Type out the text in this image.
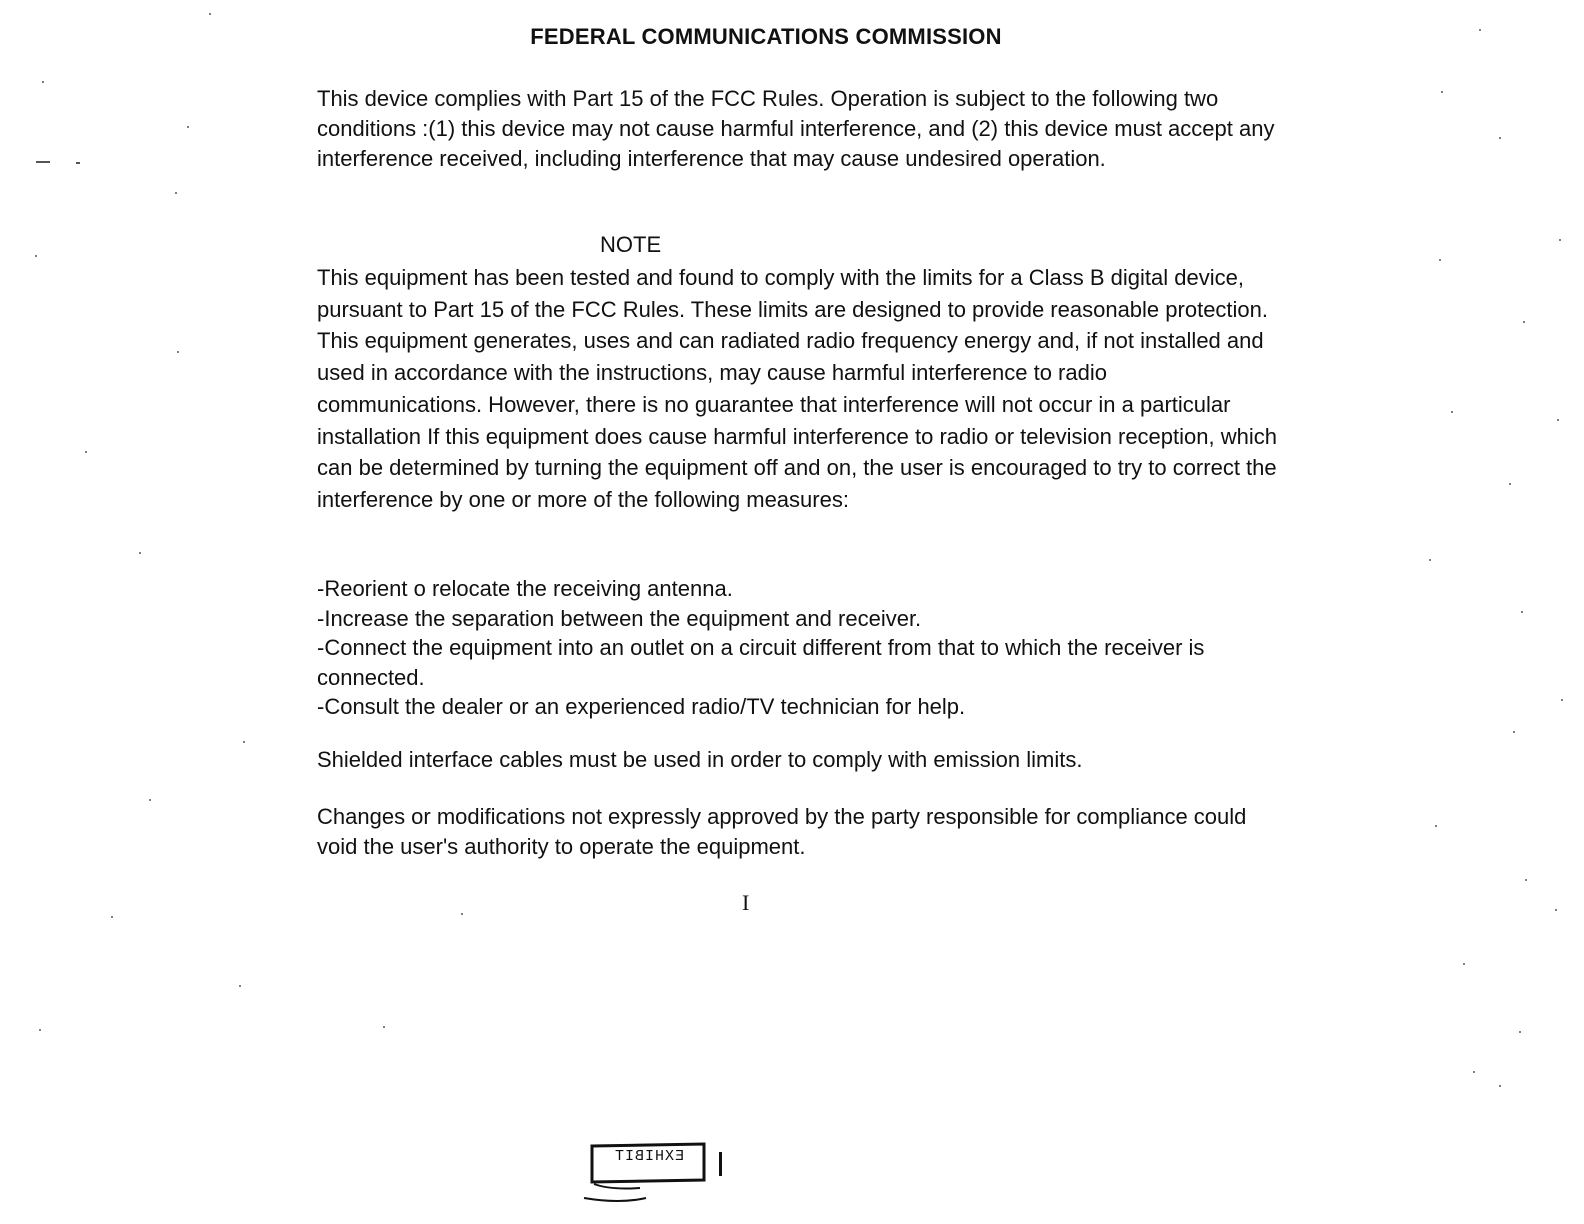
FEDERAL COMMUNICATIONS COMMISSION
This device complies with Part 15 of the FCC Rules. Operation is subject to the following two conditions :(1) this device may not cause harmful interference, and (2) this device must accept any interference received, including interference that may cause undesired operation.
NOTE
This equipment has been tested and found to comply with the limits for a Class B digital device, pursuant to Part 15 of the FCC Rules. These limits are designed to provide reasonable protection. This equipment generates, uses and can radiated radio frequency energy and, if not installed and used in accordance with the instructions, may cause harmful interference to radio communications. However, there is no guarantee that interference will not occur in a particular installation If this equipment does cause harmful interference to radio or television reception, which can be determined by turning the equipment off and on, the user is encouraged to try to correct the interference by one or more of the following measures:
-Reorient o relocate the receiving antenna.
-Increase the separation between the equipment and receiver.
-Connect the equipment into an outlet on a circuit different from that to which the receiver is connected.
-Consult the dealer or an experienced radio/TV technician for help.
Shielded interface cables must be used in order to comply with emission limits.
Changes or modifications not expressly approved by the party responsible for compliance could void the user's authority to operate the equipment.
I
EXHIBIT
